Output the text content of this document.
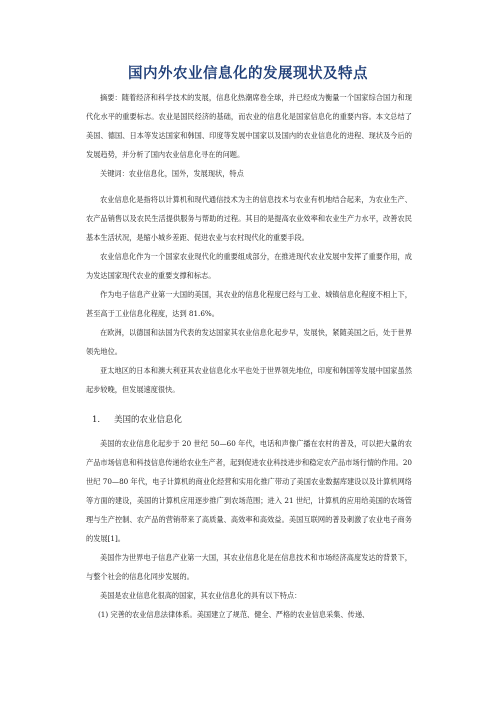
国内外农业信息化的发展现状及特点

摘要：随着经济和科学技术的发展，信息化热潮席卷全球，并已经成为衡量一个国家综合国力和现代化水平的重要标志。农业是国民经济的基础，而农业的信息化是国家信息化的重要内容。本文总结了美国、德国、日本等发达国家和韩国、印度等发展中国家以及国内的农业信息化的进程、现状及今后的发展趋势，并分析了国内农业信息化寻在的问题。

关键词：农业信息化，国外，发展现状，特点

农业信息化是指将以计算机和现代通信技术为主的信息技术与农业有机地结合起来，为农业生产、农产品销售以及农民生活提供服务与帮助的过程。其目的是提高农业效率和农业生产力水平，改善农民基本生活状况，是缩小城乡差距、促进农业与农村现代化的重要手段。

农业信息化作为一个国家农业现代化的重要组成部分，在推进现代农业发展中发挥了重要作用，成为发达国家现代农业的重要支撑和标志。

作为电子信息产业第一大国的美国，其农业的信息化程度已经与工业、城镇信息化程度不相上下，甚至高于工业信息化程度，达到 81.6%。

在欧洲，以德国和法国为代表的发达国家其农业信息化起步早，发展快，紧随美国之后，处于世界领先地位。

亚太地区的日本和澳大利亚其农业信息化水平也处于世界领先地位，印度和韩国等发展中国家虽然起步较晚，但发展速度很快。

1. 美国的农业信息化

美国的农业信息化起步于 20 世纪 50—60 年代，电话和声像广播在农村的普及，可以把大量的农产品市场信息和科技信息传递给农业生产者，起到促进农业科技进步和稳定农产品市场行情的作用。20 世纪 70—80 年代，电子计算机的商业化经营和实用化推广带动了美国农业数据库建设以及计算机网络等方面的建设，美国的计算机应用逐步推广到农场范围；进入 21 世纪，计算机的应用给美国的农场管理与生产控制、农产品的营销带来了高质量、高效率和高效益。美国互联网的普及刺激了农业电子商务的发展[1]。

美国作为世界电子信息产业第一大国，其农业信息化是在信息技术和市场经济高度发达的背景下，与整个社会的信息化同步发展的。

美国是农业信息化很高的国家，其农业信息化的具有以下特点：

(1) 完善的农业信息法律体系。美国建立了规范、健全、严格的农业信息采集、传递、
